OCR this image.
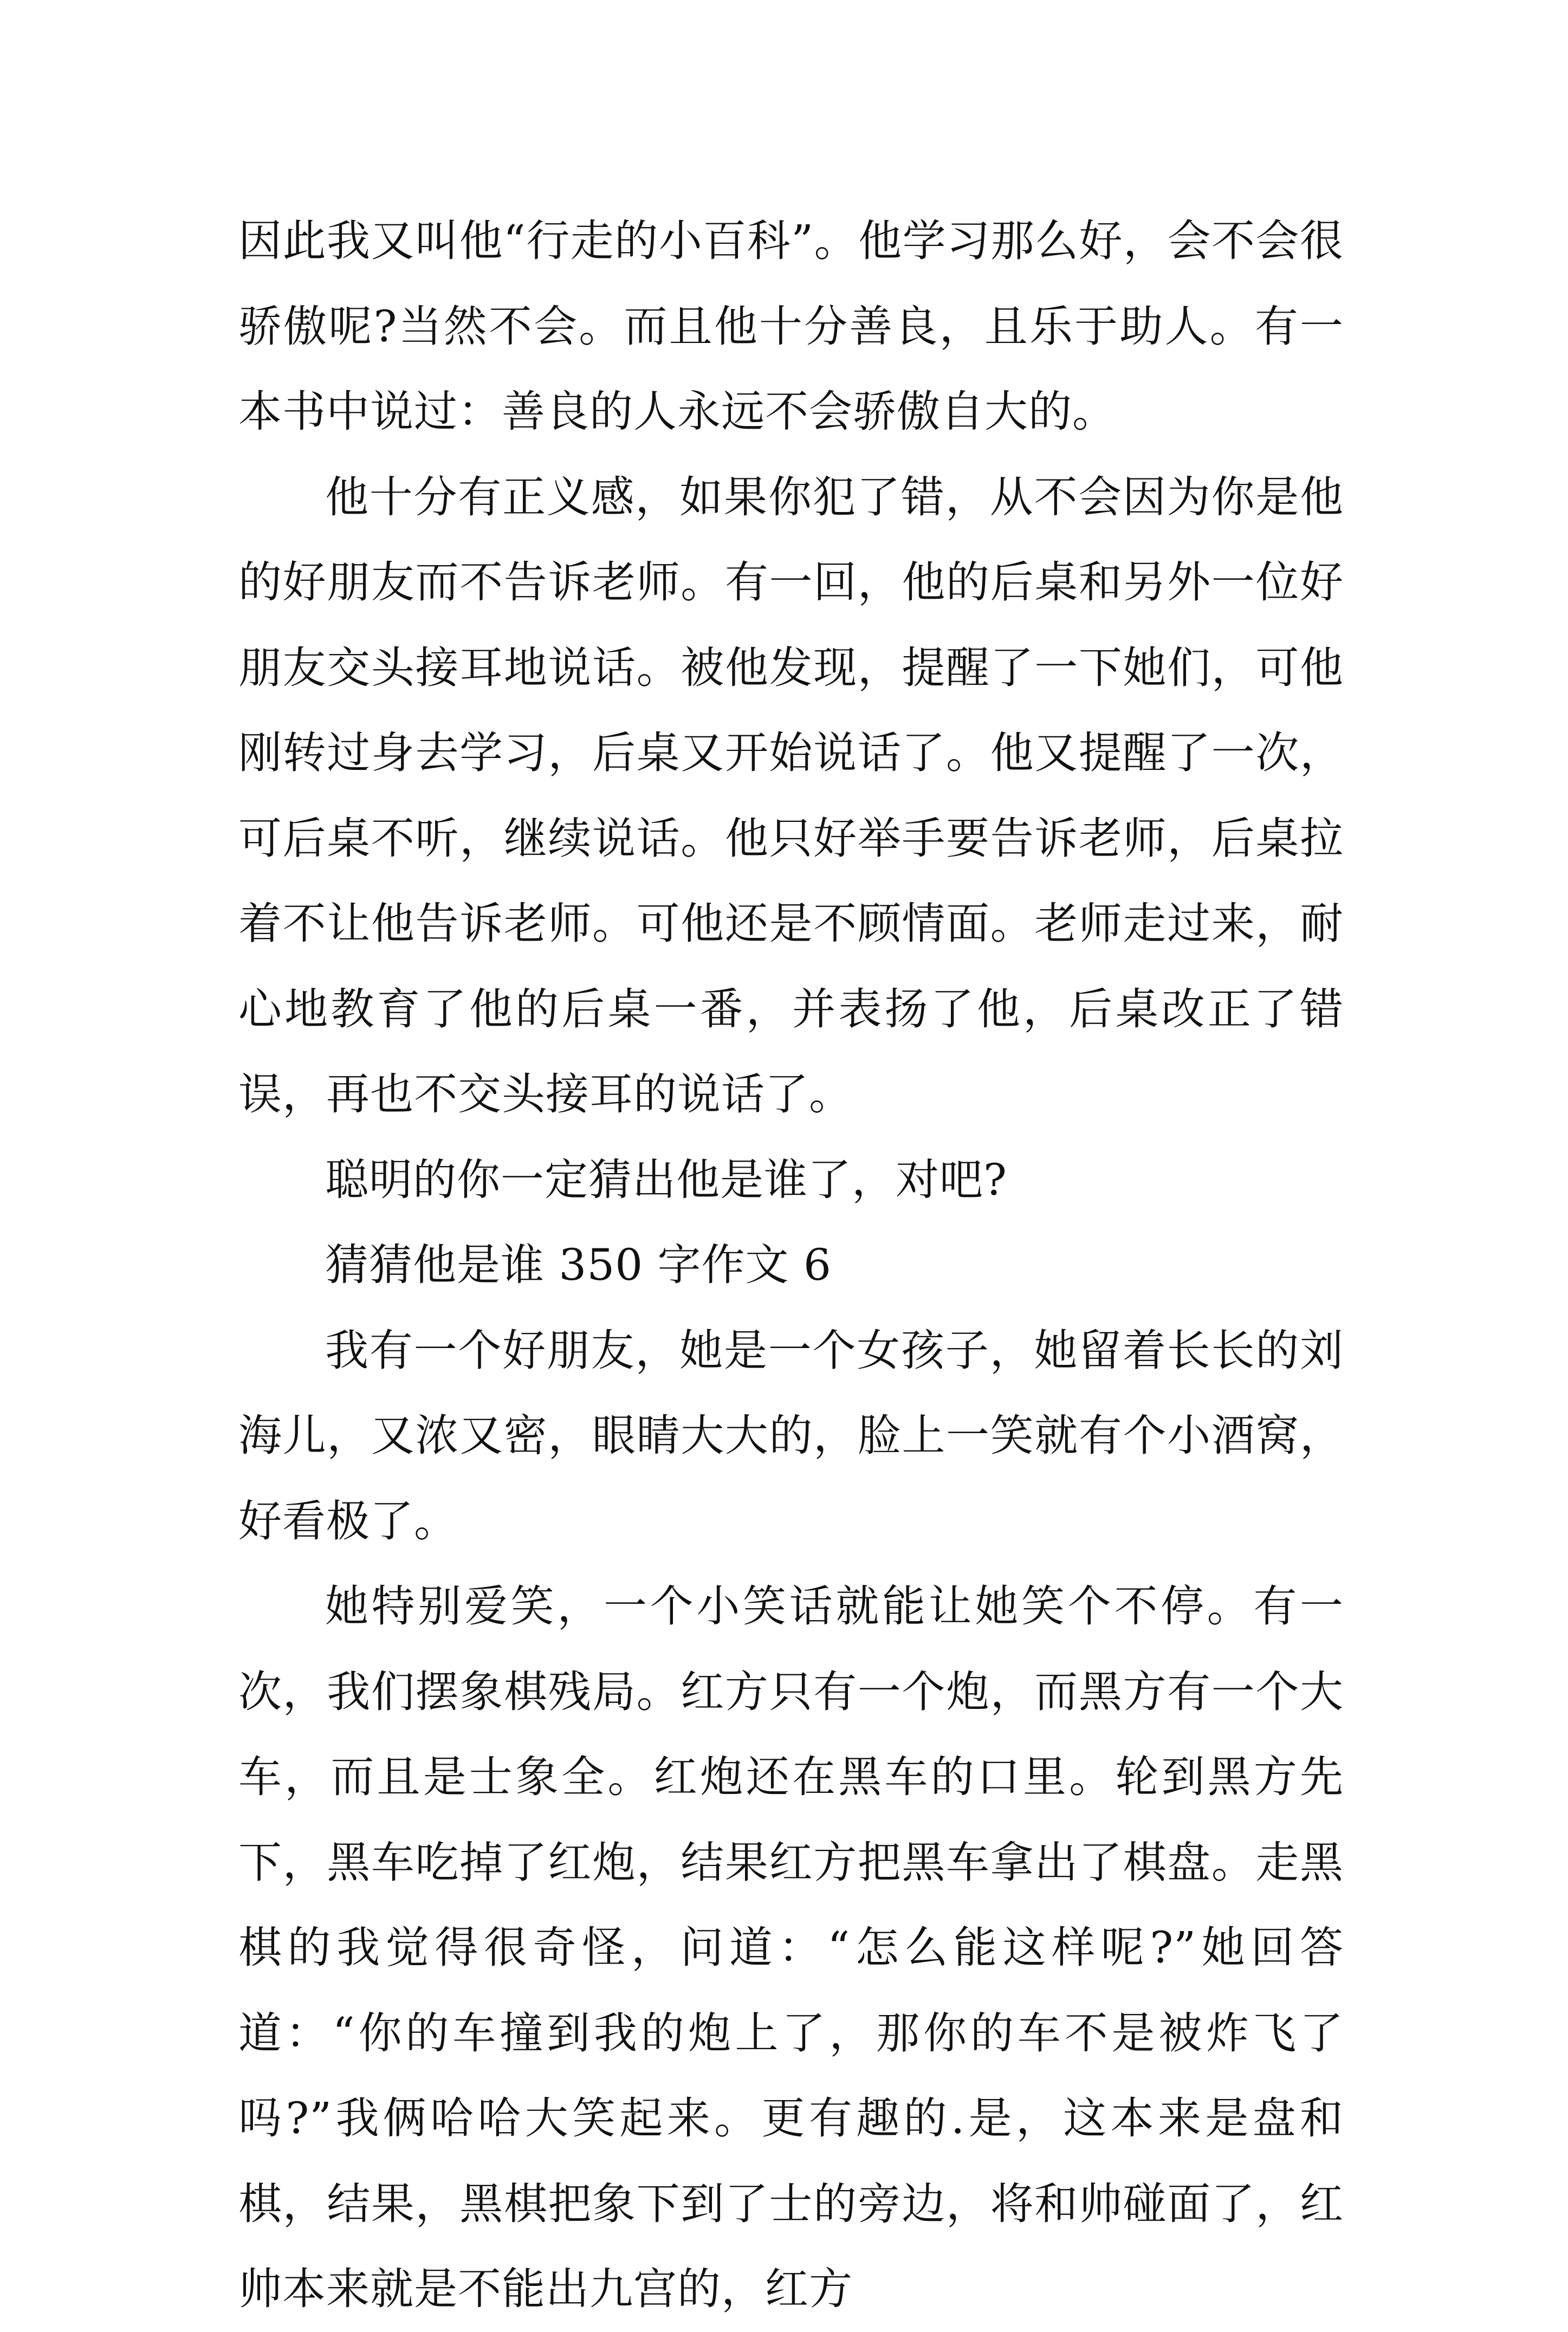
因此我又叫他“行走的小百科”。他学习那么好，会不会很骄傲呢?当然不会。而且他十分善良，且乐于助人。有一本书中说过：善良的人永远不会骄傲自大的。

他十分有正义感，如果你犯了错，从不会因为你是他的好朋友而不告诉老师。有一回，他的后桌和另外一位好朋友交头接耳地说话。被他发现，提醒了一下她们，可他刚转过身去学习，后桌又开始说话了。他又提醒了一次，可后桌不听，继续说话。他只好举手要告诉老师，后桌拉着不让他告诉老师。可他还是不顾情面。老师走过来，耐心地教育了他的后桌一番，并表扬了他，后桌改正了错误，再也不交头接耳的说话了。

聪明的你一定猜出他是谁了，对吧?

猜猜他是谁 350 字作文 6

我有一个好朋友，她是一个女孩子，她留着长长的刘海儿，又浓又密，眼睛大大的，脸上一笑就有个小酒窝，好看极了。

她特别爱笑，一个小笑话就能让她笑个不停。有一次，我们摆象棋残局。红方只有一个炮，而黑方有一个大车，而且是士象全。红炮还在黑车的口里。轮到黑方先下，黑车吃掉了红炮，结果红方把黑车拿出了棋盘。走黑棋的我觉得很奇怪，问道：“怎么能这样呢?”她回答道：“你的车撞到我的炮上了，那你的车不是被炸飞了吗?”我俩哈哈大笑起来。更有趣的.是，这本来是盘和棋，结果，黑棋把象下到了士的旁边，将和帅碰面了，红帅本来就是不能出九宫的，红方
